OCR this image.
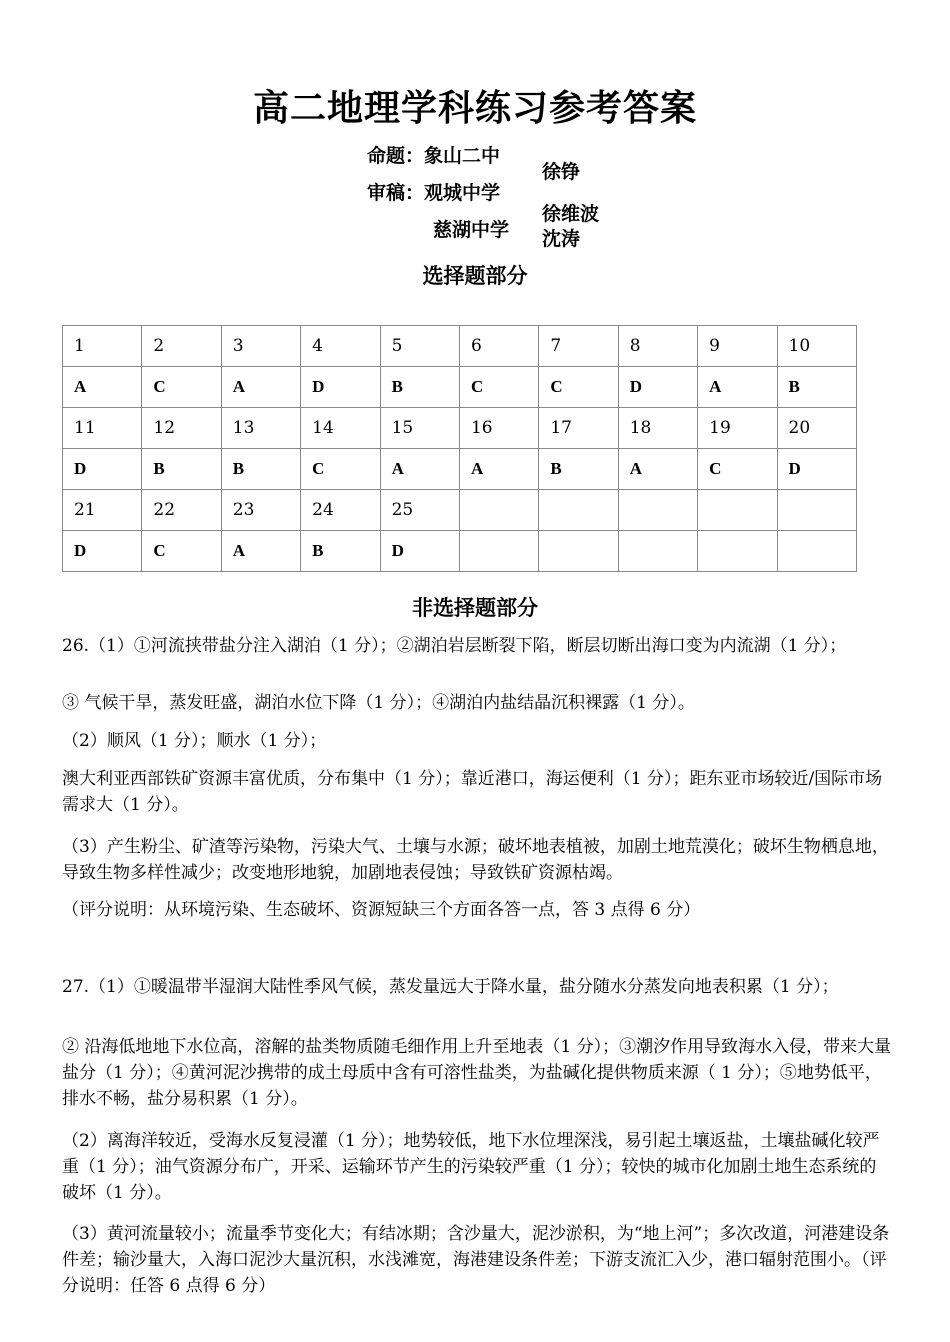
高二地理学科练习参考答案
命题：象山二中
徐铮
审稿：观城中学
徐维波
慈湖中学 沈涛
选择题部分
1	2	3	4	5	6	7	8	9	10
A	C	A	D	B	C	C	D	A	B
11	12	13	14	15	16	17	18	19	20
D	B	B	C	A	A	B	A	C	D
21	22	23	24	25					
D	C	A	B	D					
非选择题部分
26.（1）①河流挟带盐分注入湖泊（1 分）；②湖泊岩层断裂下陷，断层切断出海口变为内流湖（1 分）；
③ 气候干旱，蒸发旺盛，湖泊水位下降（1 分）；④湖泊内盐结晶沉积裸露（1 分）。
（2）顺风（1 分）；顺水（1 分）；
澳大利亚西部铁矿资源丰富优质，分布集中（1 分）；靠近港口，海运便利（1 分）；距东亚市场较近/国际市场需求大（1 分）。
（3）产生粉尘、矿渣等污染物，污染大气、土壤与水源；破坏地表植被，加剧土地荒漠化；破坏生物栖息地，导致生物多样性减少；改变地形地貌，加剧地表侵蚀；导致铁矿资源枯竭。
（评分说明：从环境污染、生态破坏、资源短缺三个方面各答一点，答 3 点得 6 分）
27.（1）①暖温带半湿润大陆性季风气候，蒸发量远大于降水量，盐分随水分蒸发向地表积累（1 分）；
② 沿海低地地下水位高，溶解的盐类物质随毛细作用上升至地表（1 分）；③潮汐作用导致海水入侵，带来大量盐分（1 分）；④黄河泥沙携带的成土母质中含有可溶性盐类，为盐碱化提供物质来源（ 1 分）；⑤地势低平，排水不畅，盐分易积累（1 分）。
（2）离海洋较近，受海水反复浸灌（1 分）；地势较低，地下水位埋深浅，易引起土壤返盐，土壤盐碱化较严重（1 分）；油气资源分布广，开采、运输环节产生的污染较严重（1 分）；较快的城市化加剧土地生态系统的破坏（1 分）。
（3）黄河流量较小；流量季节变化大；有结冰期；含沙量大，泥沙淤积，为“地上河”；多次改道，河港建设条件差；输沙量大，入海口泥沙大量沉积，水浅滩宽，海港建设条件差；下游支流汇入少，港口辐射范围小。（评分说明：任答 6 点得 6 分）
